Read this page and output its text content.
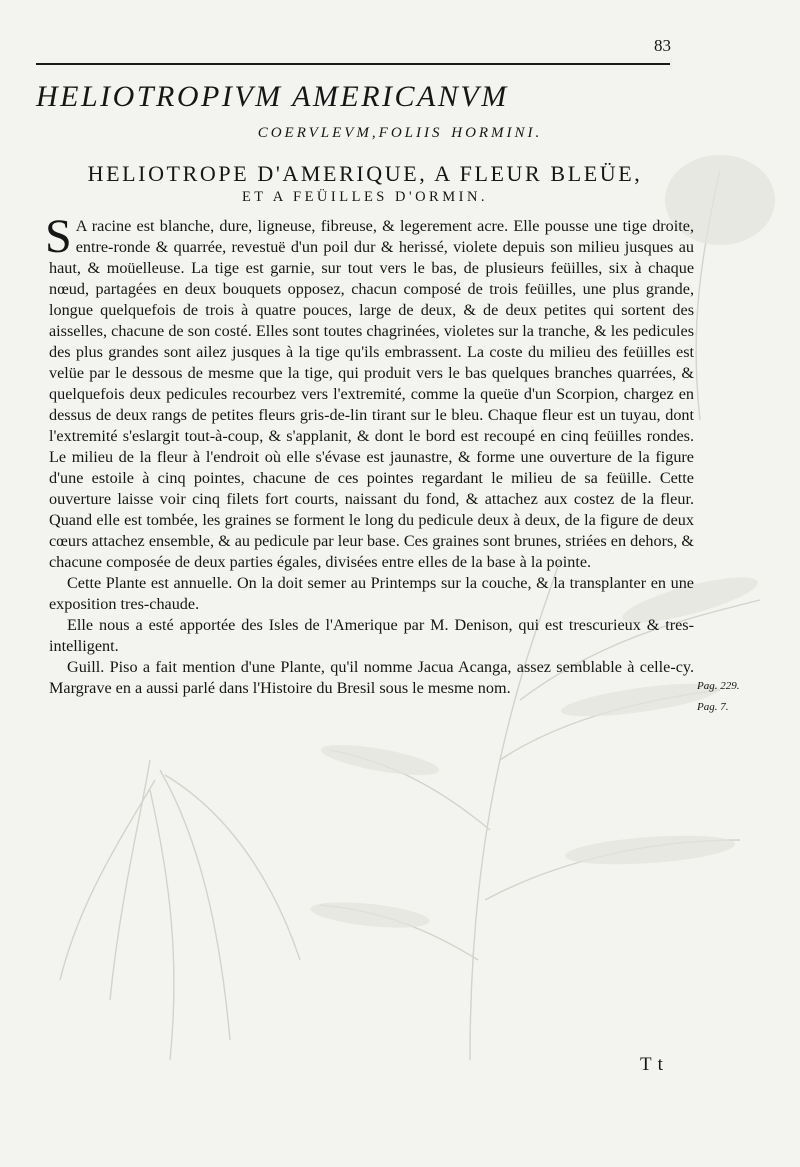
83
HELIOTROPIVM AMERICANVM
COERVLEVM,FOLIIS HORMINI.
HELIOTROPE D'AMERIQUE, A FLEUR BLEÜE,
ET A FEÜILLES D'ORMIN.

S A racine est blanche, dure, ligneuse, fibreuse, & legerement acre. Elle pousse une tige droite, entre-ronde & quarrée, revestuë d'un poil dur & herissé, violete depuis son milieu jusques au haut, & moüelleuse. La tige est garnie, sur tout vers le bas, de plusieurs feüilles, six à chaque nœud, partagées en deux bouquets opposez, chacun composé de trois feüilles, une plus grande, longue quelquefois de trois à quatre pouces, large de deux, & de deux petites qui sortent des aisselles, chacune de son costé. Elles sont toutes chagrinées, violetes sur la tranche, & les pedicules des plus grandes sont ailez jusques à la tige qu'ils embrassent. La coste du milieu des feüilles est velüe par le dessous de mesme que la tige, qui produit vers le bas quelques branches quarrées, & quelquefois deux pedicules recourbez vers l'extremité, comme la queüe d'un Scorpion, chargez en dessus de deux rangs de petites fleurs gris-de-lin tirant sur le bleu. Chaque fleur est un tuyau, dont l'extremité s'eslargit tout-à-coup, & s'applanit, & dont le bord est recoupé en cinq feüilles rondes. Le milieu de la fleur à l'endroit où elle s'évase est jaunastre, & forme une ouverture de la figure d'une estoile à cinq pointes, chacune de ces pointes regardant le milieu de sa feüille. Cette ouverture laisse voir cinq filets fort courts, naissant du fond, & attachez aux costez de la fleur. Quand elle est tombée, les graines se forment le long du pedicule deux à deux, de la figure de deux cœurs attachez ensemble, & au pedicule par leur base. Ces graines sont brunes, striées en dehors, & chacune composée de deux parties égales, divisées entre elles de la base à la pointe.

Cette Plante est annuelle. On la doit semer au Printemps sur la couche, & la transplanter en une exposition tres-chaude.

Elle nous a esté apportée des Isles de l'Amerique par M. Denison, qui est trescurieux & tres-intelligent.

Guill. Piso a fait mention d'une Plante, qu'il nomme Jacua Acanga, assez semblable à celle-cy. Margrave en a aussi parlé dans l'Histoire du Bresil sous le mesme nom.	Pag. 229.
Pag. 7.
Tt
